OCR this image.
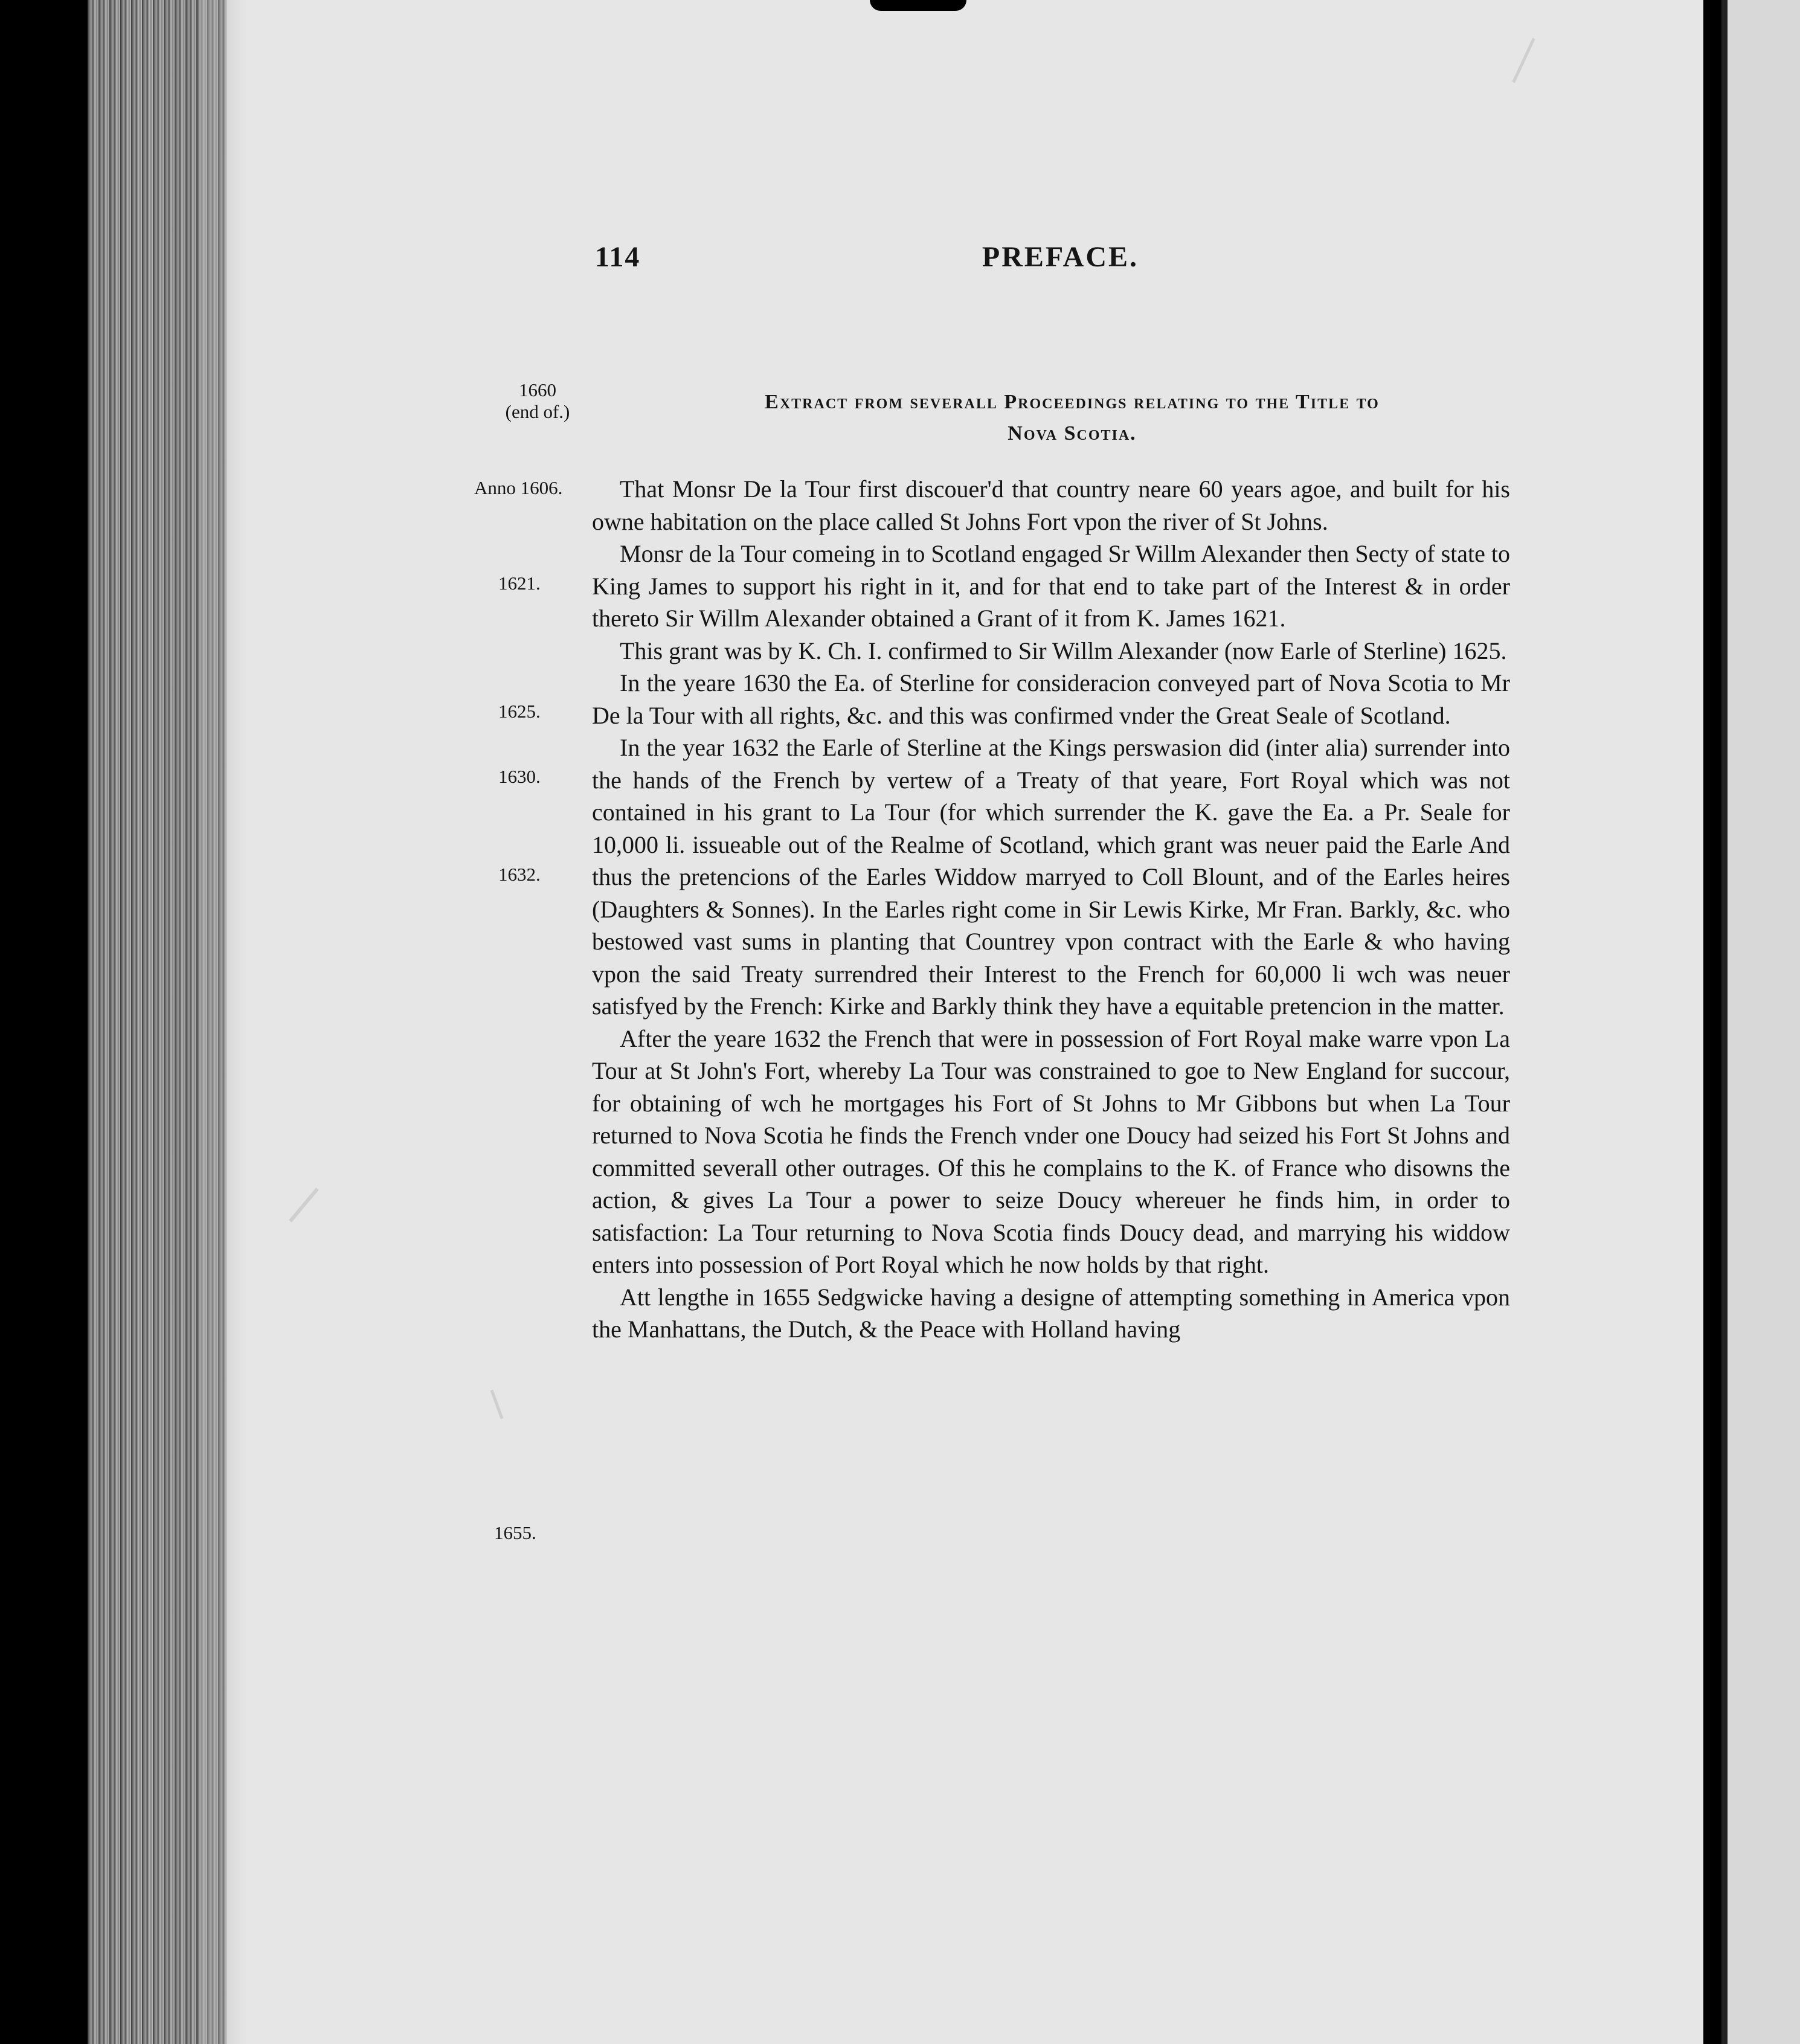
114	PREFACE.
1660
(end of.)	Extract from severall Proceedings relating to the Title to
Nova Scotia.
Anno 1606.
1621.
1625.
1630.
1632.
1655.

That Monsr De la Tour first discouer'd that country neare 60 years agoe, and built for his owne habitation on the place called St Johns Fort vpon the river of St Johns.

Monsr de la Tour comeing in to Scotland engaged Sr Willm Alexander then Secty of state to King James to support his right in it, and for that end to take part of the Interest & in order thereto Sir Willm Alexander obtained a Grant of it from K. James 1621.

This grant was by K. Ch. I. confirmed to Sir Willm Alexander (now Earle of Sterline) 1625.

In the yeare 1630 the Ea. of Sterline for consideracion conveyed part of Nova Scotia to Mr De la Tour with all rights, &c. and this was confirmed vnder the Great Seale of Scotland.

In the year 1632 the Earle of Sterline at the Kings perswasion did (inter alia) surrender into the hands of the French by vertew of a Treaty of that yeare, Fort Royal which was not contained in his grant to La Tour (for which surrender the K. gave the Ea. a Pr. Seale for 10,000 li. issueable out of the Realme of Scotland, which grant was neuer paid the Earle And thus the pretencions of the Earles Widdow marryed to Coll Blount, and of the Earles heires (Daughters & Sonnes). In the Earles right come in Sir Lewis Kirke, Mr Fran. Barkly, &c. who bestowed vast sums in planting that Countrey vpon contract with the Earle & who having vpon the said Treaty surrendred their Interest to the French for 60,000 li wch was neuer satisfyed by the French: Kirke and Barkly think they have a equitable pretencion in the matter.

After the yeare 1632 the French that were in possession of Fort Royal make warre vpon La Tour at St John's Fort, whereby La Tour was constrained to goe to New England for succour, for obtaining of wch he mortgages his Fort of St Johns to Mr Gibbons but when La Tour returned to Nova Scotia he finds the French vnder one Doucy had seized his Fort St Johns and committed severall other outrages. Of this he complains to the K. of France who disowns the action, & gives La Tour a power to seize Doucy whereuer he finds him, in order to satisfaction: La Tour returning to Nova Scotia finds Doucy dead, and marrying his widdow enters into possession of Port Royal which he now holds by that right.

Att lengthe in 1655 Sedgwicke having a designe of attempting something in America vpon the Manhattans, the Dutch, & the Peace with Holland having
